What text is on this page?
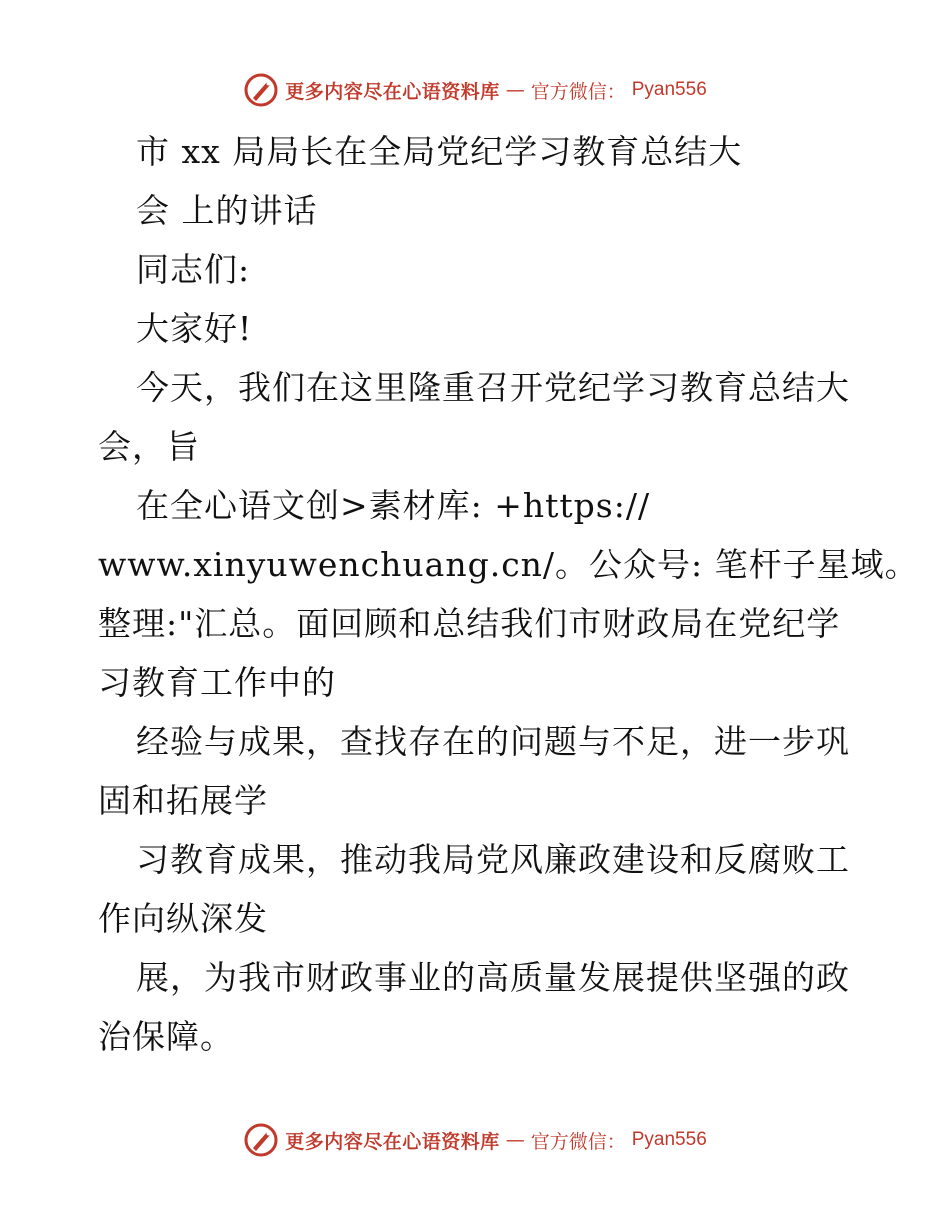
更多内容尽在心语资料库 — 官方微信： Pyan556
市 xx 局局长在全局党纪学习教育总结大
会 上的讲话
同志们:
大家好!
今天，我们在这里隆重召开党纪学习教育总结大
会，旨
在全心语文创>素材库: +https://
www.xinyuwenchuang.cn/。公众号: 笔杆子星域。
整理:"汇总。面回顾和总结我们市财政局在党纪学
习教育工作中的
经验与成果，查找存在的问题与不足，进一步巩
固和拓展学
习教育成果，推动我局党风廉政建设和反腐败工
作向纵深发
展，为我市财政事业的高质量发展提供坚强的政
治保障。
更多内容尽在心语资料库 — 官方微信： Pyan556
